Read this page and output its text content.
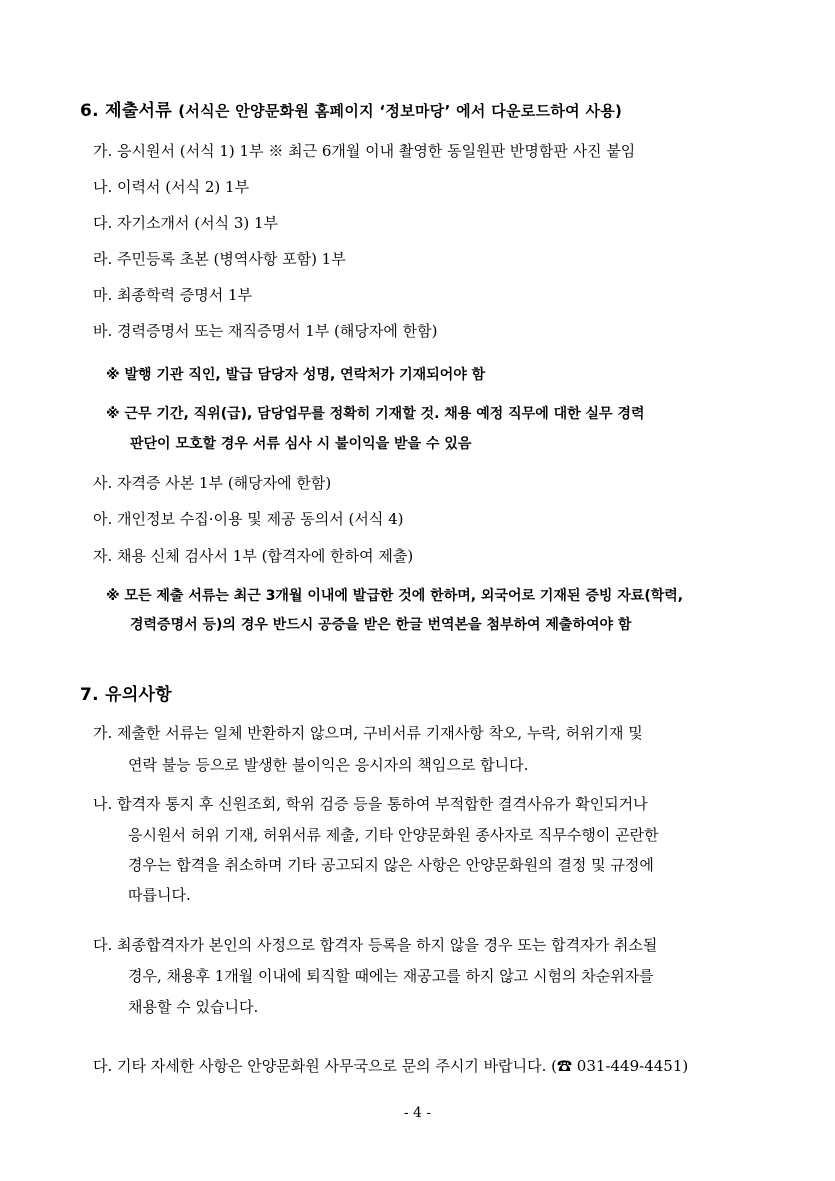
6. 제출서류 (서식은 안양문화원 홈페이지 ‘정보마당’ 에서 다운로드하여 사용)
가. 응시원서 (서식 1) 1부 ※ 최근 6개월 이내 촬영한 동일원판 반명함판 사진 붙임
나. 이력서 (서식 2) 1부
다. 자기소개서 (서식 3) 1부
라. 주민등록 초본 (병역사항 포함) 1부
마. 최종학력 증명서 1부
바. 경력증명서 또는 재직증명서 1부 (해당자에 한함)
※ 발행 기관 직인, 발급 담당자 성명, 연락처가 기재되어야 함
※ 근무 기간, 직위(급), 담당업무를 정확히 기재할 것. 채용 예정 직무에 대한 실무 경력
판단이 모호할 경우 서류 심사 시 불이익을 받을 수 있음
사. 자격증 사본 1부 (해당자에 한함)
아. 개인정보 수집·이용 및 제공 동의서 (서식 4)
자. 채용 신체 검사서 1부 (합격자에 한하여 제출)
※ 모든 제출 서류는 최근 3개월 이내에 발급한 것에 한하며, 외국어로 기재된 증빙 자료(학력,
경력증명서 등)의 경우 반드시 공증을 받은 한글 번역본을 첨부하여 제출하여야 함
7. 유의사항
가. 제출한 서류는 일체 반환하지 않으며, 구비서류 기재사항 착오, 누락, 허위기재 및
연락 불능 등으로 발생한 불이익은 응시자의 책임으로 합니다.
나. 합격자 통지 후 신원조회, 학위 검증 등을 통하여 부적합한 결격사유가 확인되거나
응시원서 허위 기재, 허위서류 제출, 기타 안양문화원 종사자로 직무수행이 곤란한
경우는 합격을 취소하며 기타 공고되지 않은 사항은 안양문화원의 결정 및 규정에
따릅니다.
다. 최종합격자가 본인의 사정으로 합격자 등록을 하지 않을 경우 또는 합격자가 취소될
경우, 채용후 1개월 이내에 퇴직할 때에는 재공고를 하지 않고 시험의 차순위자를
채용할 수 있습니다.
다. 기타 자세한 사항은 안양문화원 사무국으로 문의 주시기 바랍니다. (☎ 031-449-4451)
- 4 -
